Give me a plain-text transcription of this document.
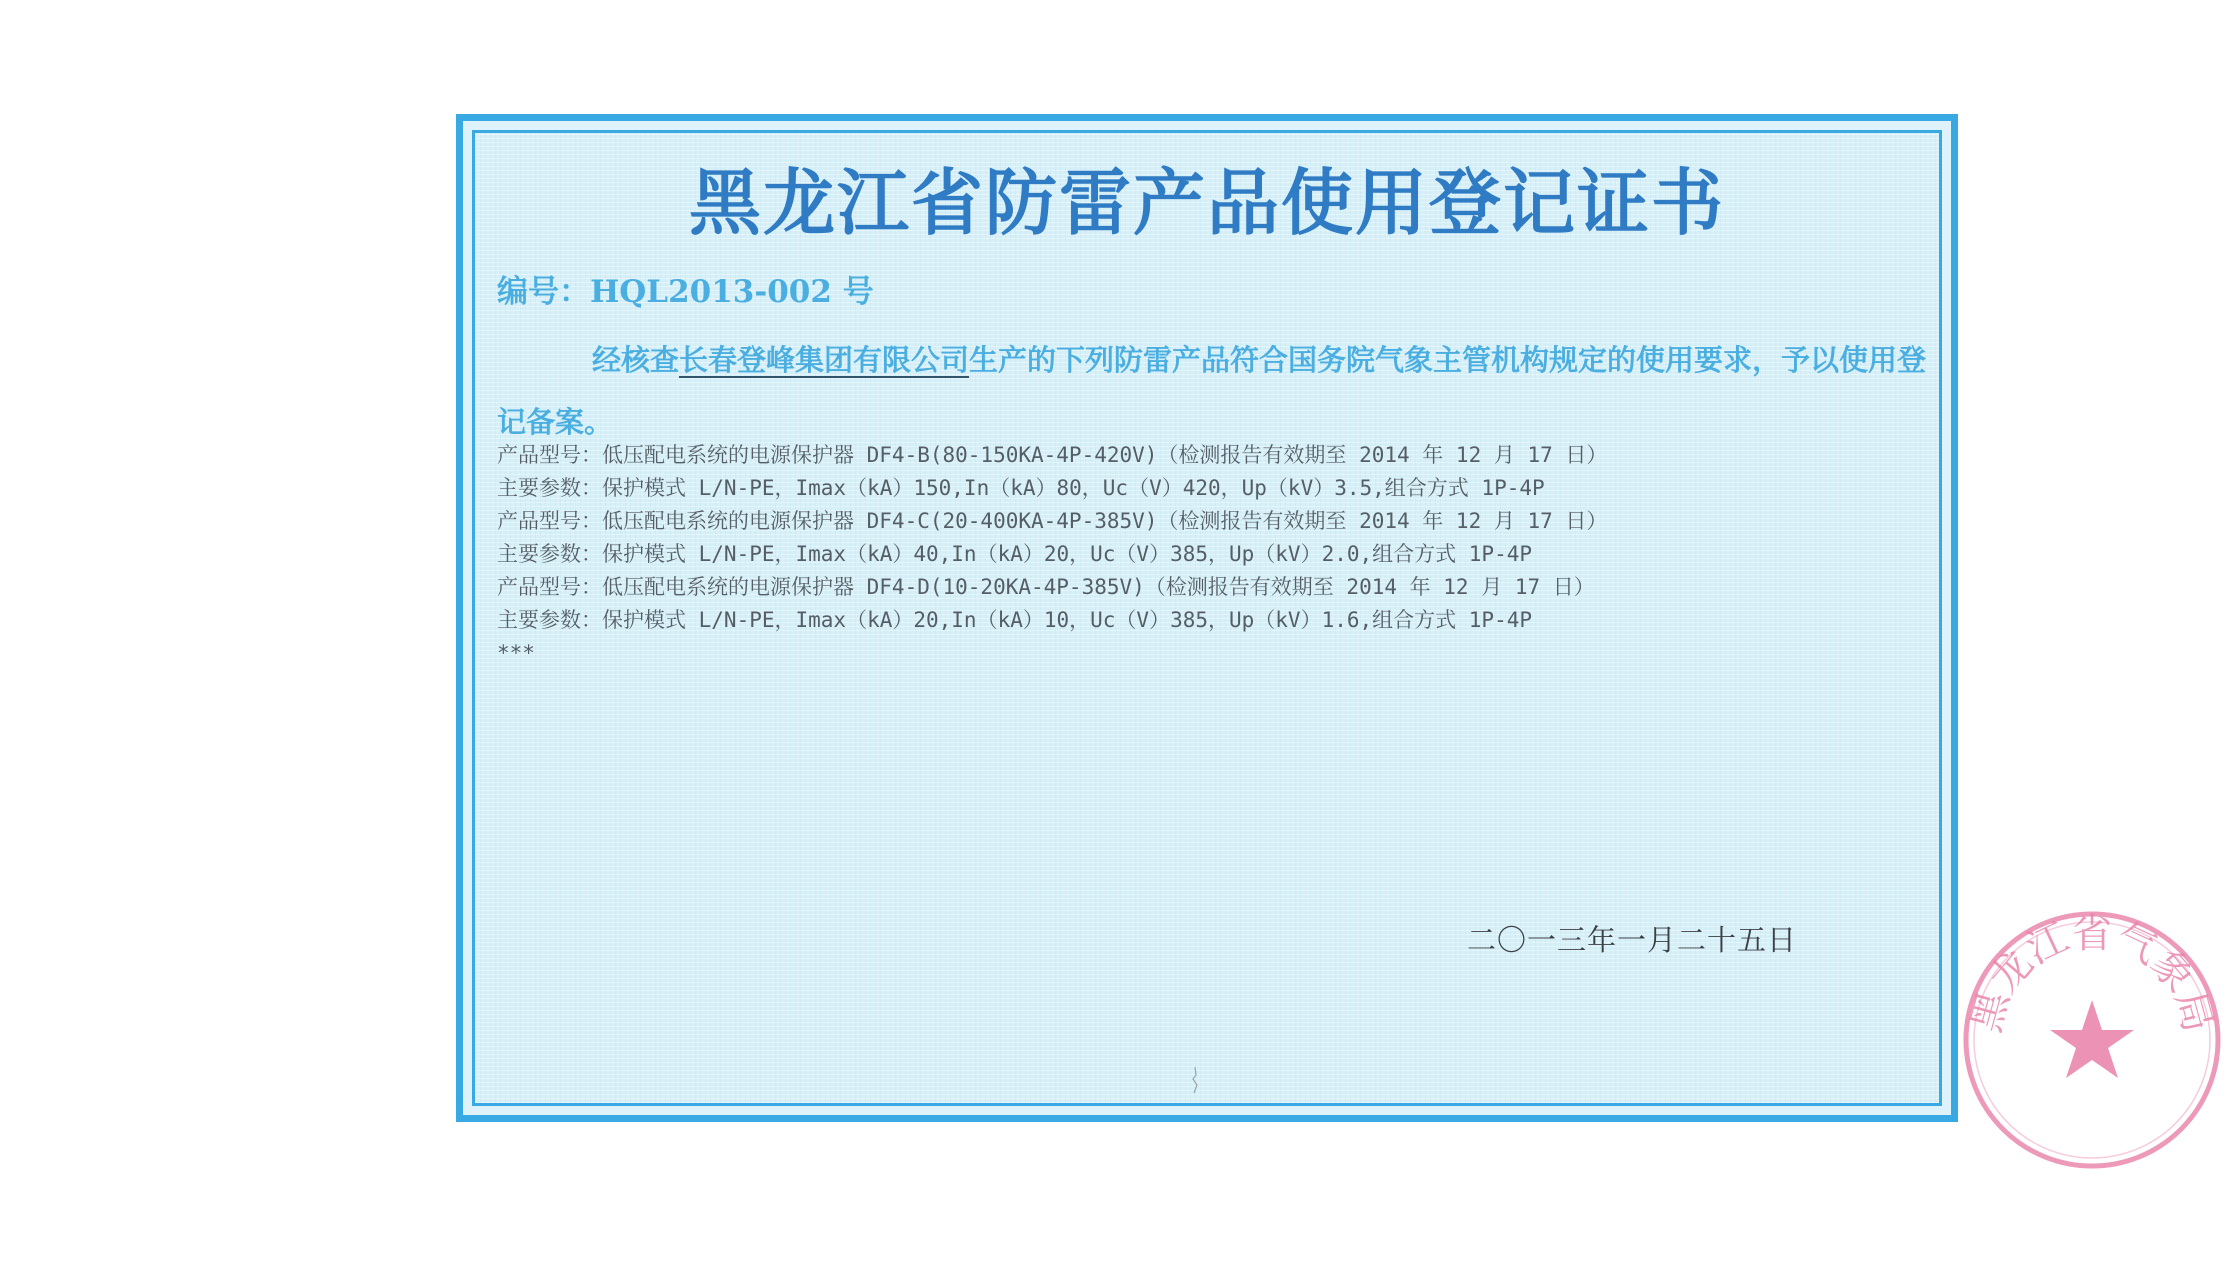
黑龙江省防雷产品使用登记证书
编号：HQL2013-002 号
经核查长春登峰集团有限公司生产的下列防雷产品符合国务院气象主管机构规定的使用要求，予以使用登记备案。
产品型号：低压配电系统的电源保护器 DF4-B(80-150KA-4P-420V)（检测报告有效期至 2014 年 12 月 17 日）
主要参数：保护模式 L/N-PE，Imax（kA）150,In（kA）80，Uc（V）420，Up（kV）3.5,组合方式 1P-4P
产品型号：低压配电系统的电源保护器 DF4-C(20-400KA-4P-385V)（检测报告有效期至 2014 年 12 月 17 日）
主要参数：保护模式 L/N-PE，Imax（kA）40,In（kA）20，Uc（V）385，Up（kV）2.0,组合方式 1P-4P
产品型号：低压配电系统的电源保护器 DF4-D(10-20KA-4P-385V)（检测报告有效期至 2014 年 12 月 17 日）
主要参数：保护模式 L/N-PE，Imax（kA）20,In（kA）10，Uc（V）385，Up（kV）1.6,组合方式 1P-4P
***
二〇一三年一月二十五日
黑龙江省气象局
